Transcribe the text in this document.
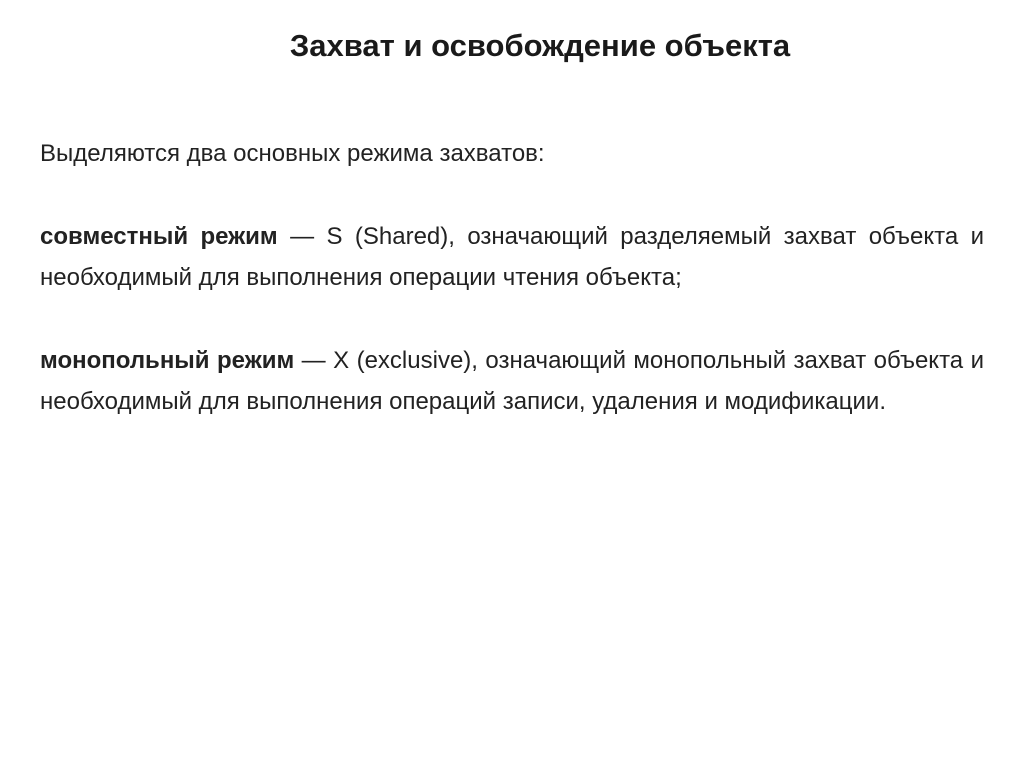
Захват и освобождение объекта

Выделяются два основных режима захватов:

совместный режим — S (Shared), означающий разделяемый захват объекта и необходимый для выполнения операции чтения объекта;

монопольный режим — X (exclusive), означающий монопольный захват объекта и необходимый для выполнения операций записи, удаления и модификации.
